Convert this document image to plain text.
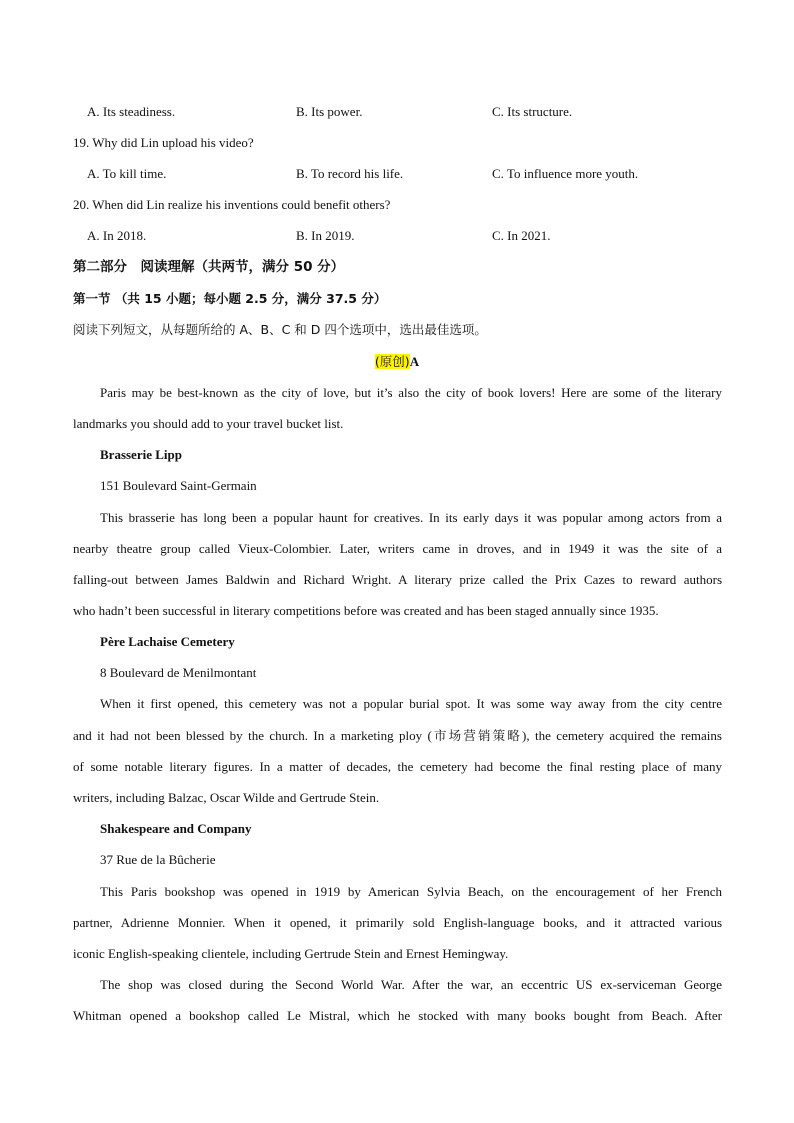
A. Its steadiness.	B. Its power.	C. Its structure.
19. Why did Lin upload his video?
A. To kill time.	B. To record his life.	C. To influence more youth.
20. When did Lin realize his inventions could benefit others?
A. In 2018.	B. In 2019.	C. In 2021.
第二部分　阅读理解（共两节，满分 50 分）
第一节 （共 15 小题；每小题 2.5 分，满分 37.5 分）
阅读下列短文，从每题所给的 A、B、C 和 D 四个选项中，选出最佳选项。
(原创)A
Paris may be best-known as the city of love, but it’s also the city of book lovers! Here are some of the literary
landmarks you should add to your travel bucket list.
Brasserie Lipp
151 Boulevard Saint-Germain
This brasserie has long been a popular haunt for creatives. In its early days it was popular among actors from a
nearby theatre group called Vieux-Colombier. Later, writers came in droves, and in 1949 it was the site of a
falling-out between James Baldwin and Richard Wright. A literary prize called the Prix Cazes to reward authors
who hadn’t been successful in literary competitions before was created and has been staged annually since 1935.
Père Lachaise Cemetery
8 Boulevard de Menilmontant
When it first opened, this cemetery was not a popular burial spot. It was some way away from the city centre
and it had not been blessed by the church. In a marketing ploy (市场营销策略), the cemetery acquired the remains
of some notable literary figures. In a matter of decades, the cemetery had become the final resting place of many
writers, including Balzac, Oscar Wilde and Gertrude Stein.
Shakespeare and Company
37 Rue de la Bûcherie
This Paris bookshop was opened in 1919 by American Sylvia Beach, on the encouragement of her French
partner, Adrienne Monnier. When it opened, it primarily sold English-language books, and it attracted various
iconic English-speaking clientele, including Gertrude Stein and Ernest Hemingway.
The shop was closed during the Second World War. After the war, an eccentric US ex-serviceman George
Whitman opened a bookshop called Le Mistral, which he stocked with many books bought from Beach. After
